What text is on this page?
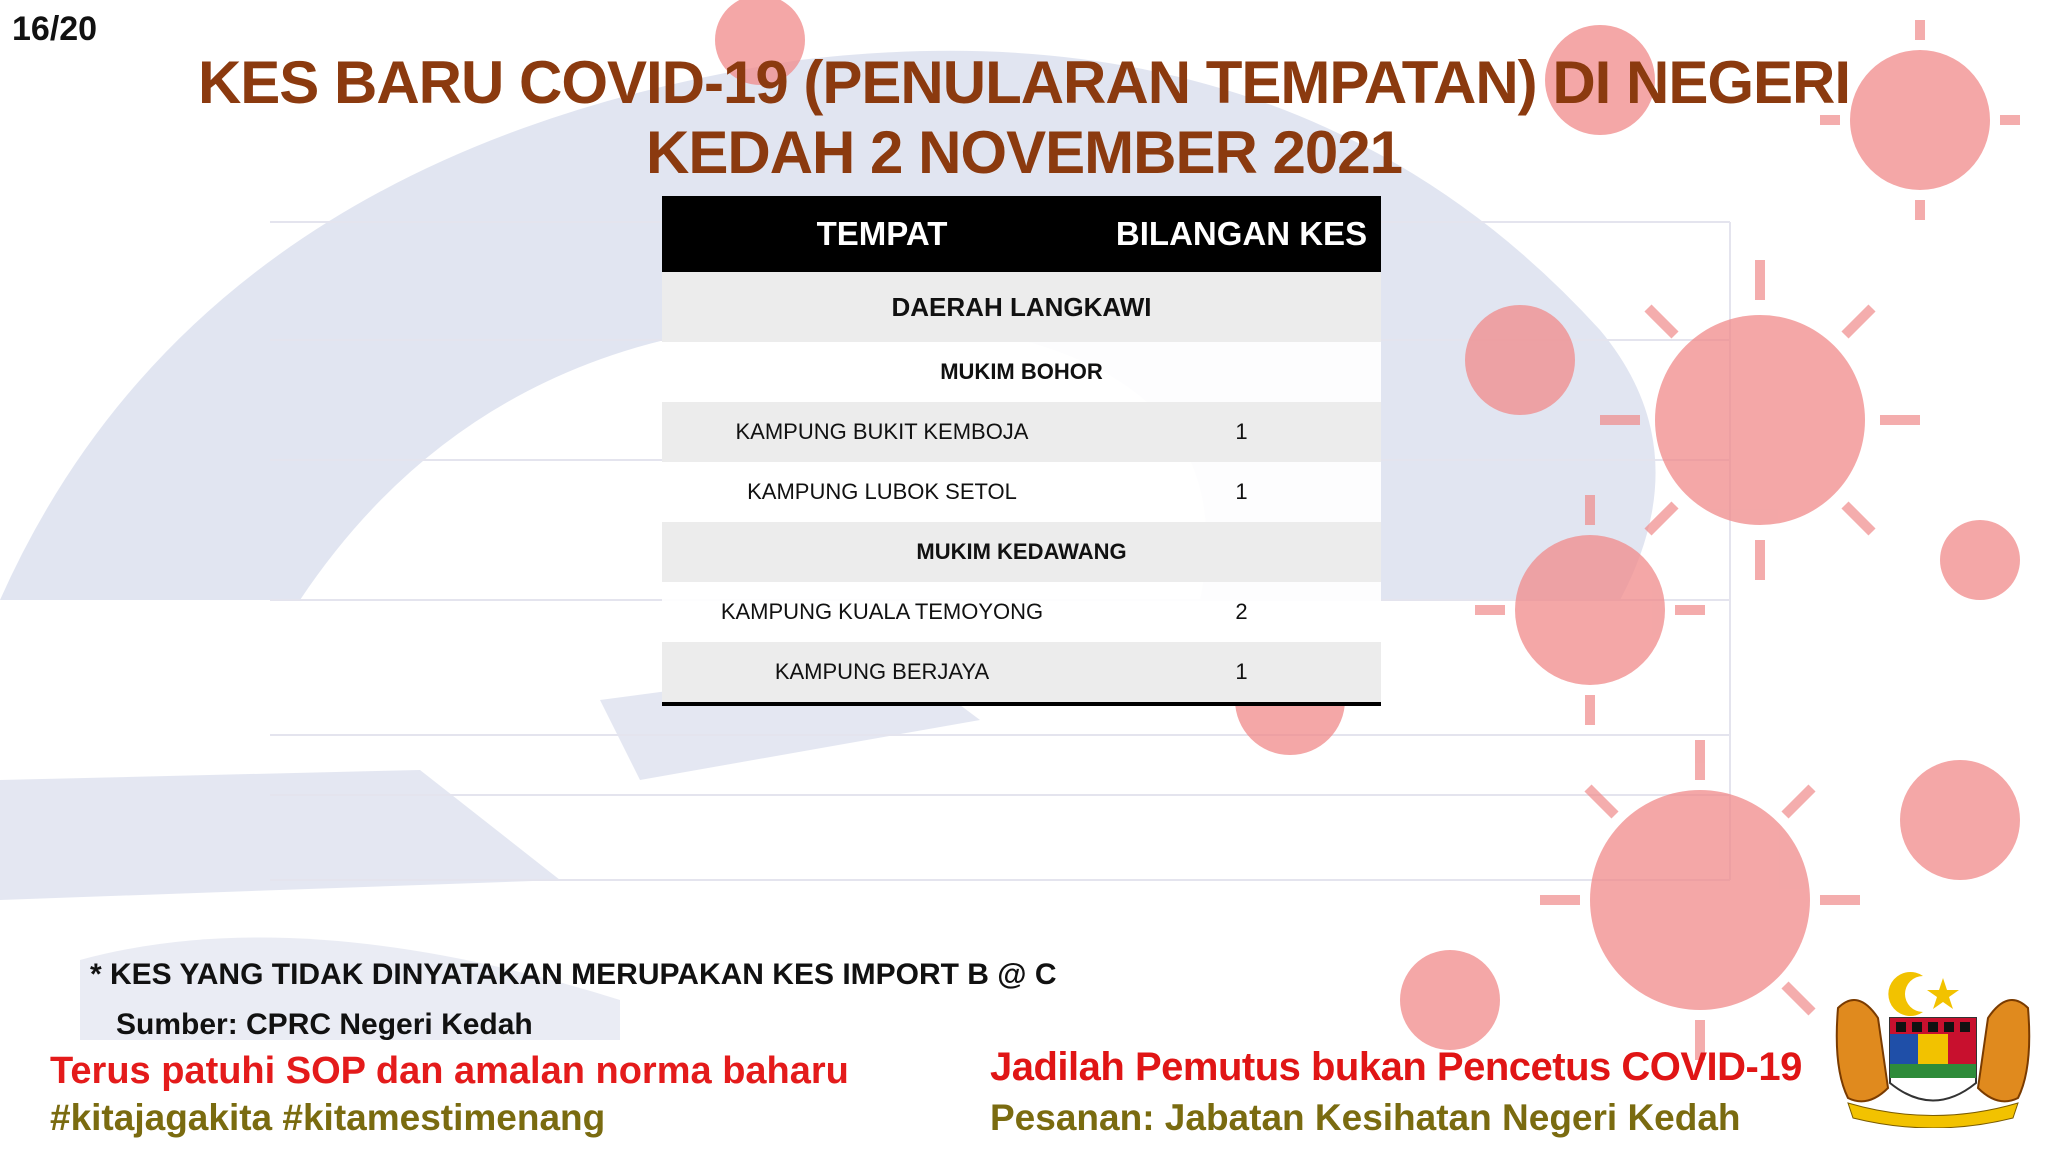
16/20
KES BARU COVID-19 (PENULARAN TEMPATAN) DI NEGERI
KEDAH 2 NOVEMBER 2021
TEMPAT	BILANGAN KES
DAERAH LANGKAWI
MUKIM BOHOR
KAMPUNG BUKIT KEMBOJA	1
KAMPUNG LUBOK SETOL	1
MUKIM KEDAWANG
KAMPUNG KUALA TEMOYONG	2
KAMPUNG BERJAYA	1
* KES YANG TIDAK DINYATAKAN MERUPAKAN KES IMPORT B @ C
Sumber: CPRC Negeri Kedah
Terus patuhi SOP dan amalan norma baharu
#kitajagakita #kitamestimenang
Jadilah Pemutus bukan Pencetus COVID-19
Pesanan: Jabatan Kesihatan Negeri Kedah
